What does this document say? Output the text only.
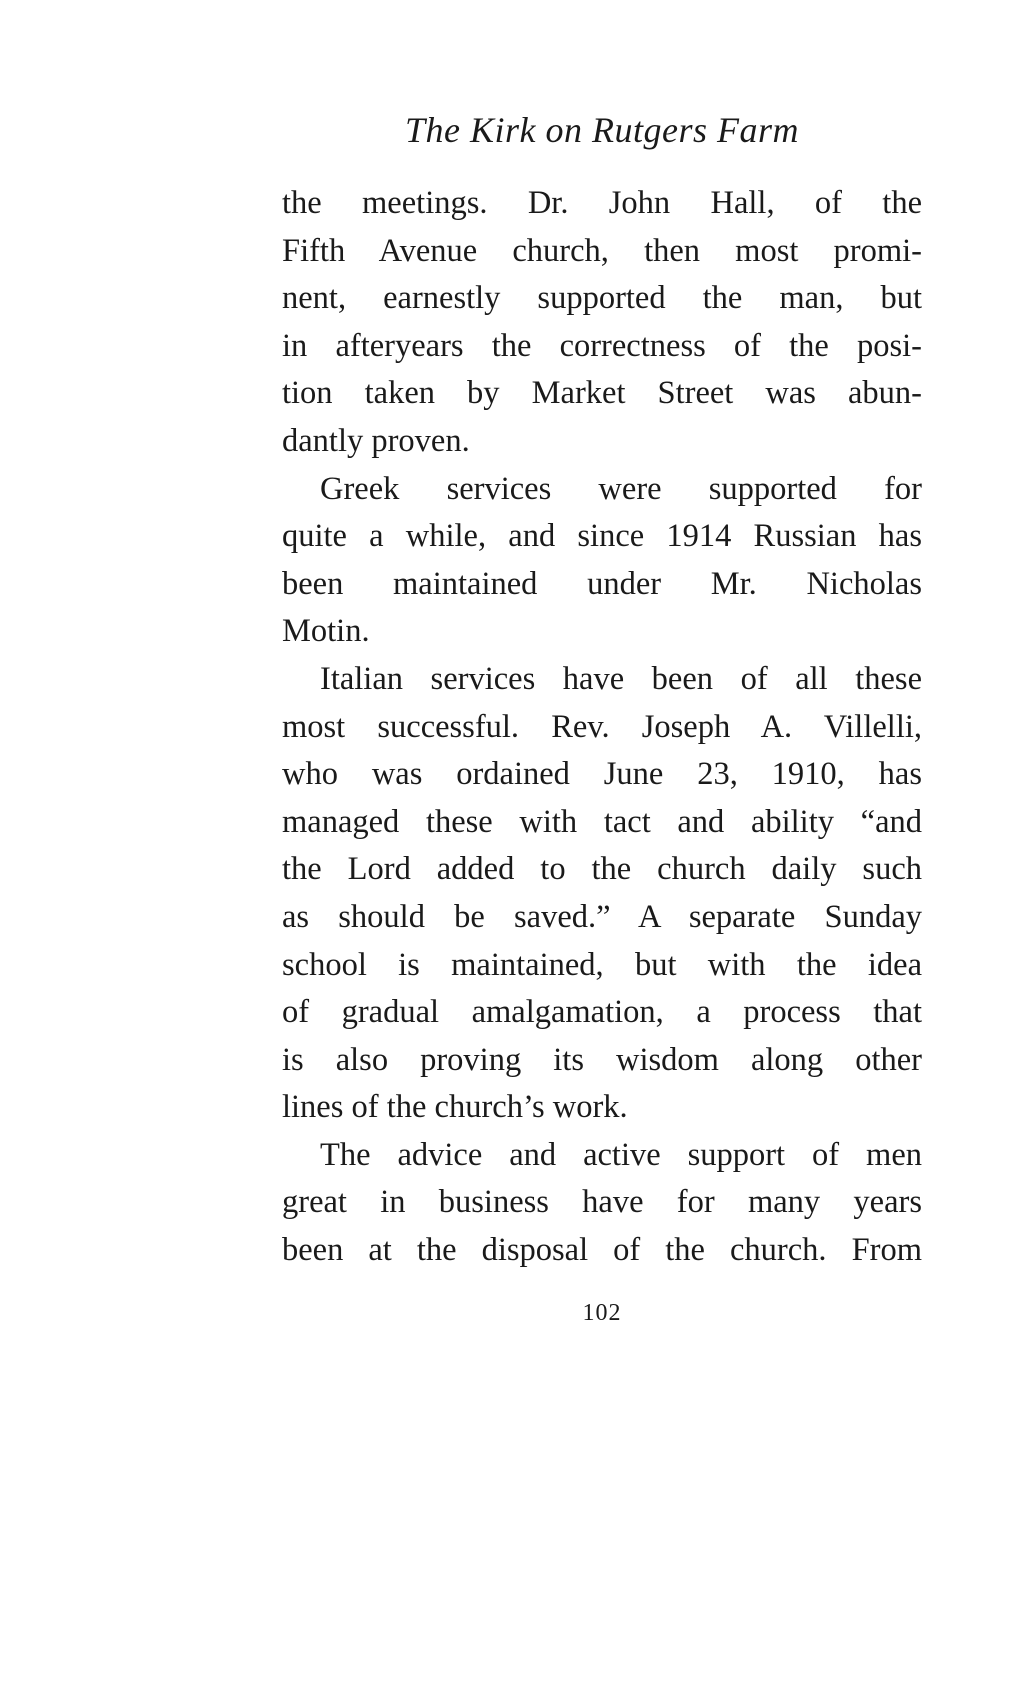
The Kirk on Rutgers Farm
the meetings. Dr. John Hall, of the
Fifth Avenue church, then most promi-
nent, earnestly supported the man, but
in afteryears the correctness of the posi-
tion taken by Market Street was abun-
dantly proven.
Greek services were supported for
quite a while, and since 1914 Russian has
been maintained under Mr. Nicholas
Motin.
Italian services have been of all these
most successful. Rev. Joseph A. Villelli,
who was ordained June 23, 1910, has
managed these with tact and ability “and
the Lord added to the church daily such
as should be saved.” A separate Sunday
school is maintained, but with the idea
of gradual amalgamation, a process that
is also proving its wisdom along other
lines of the church’s work.
The advice and active support of men
great in business have for many years
been at the disposal of the church. From
102
